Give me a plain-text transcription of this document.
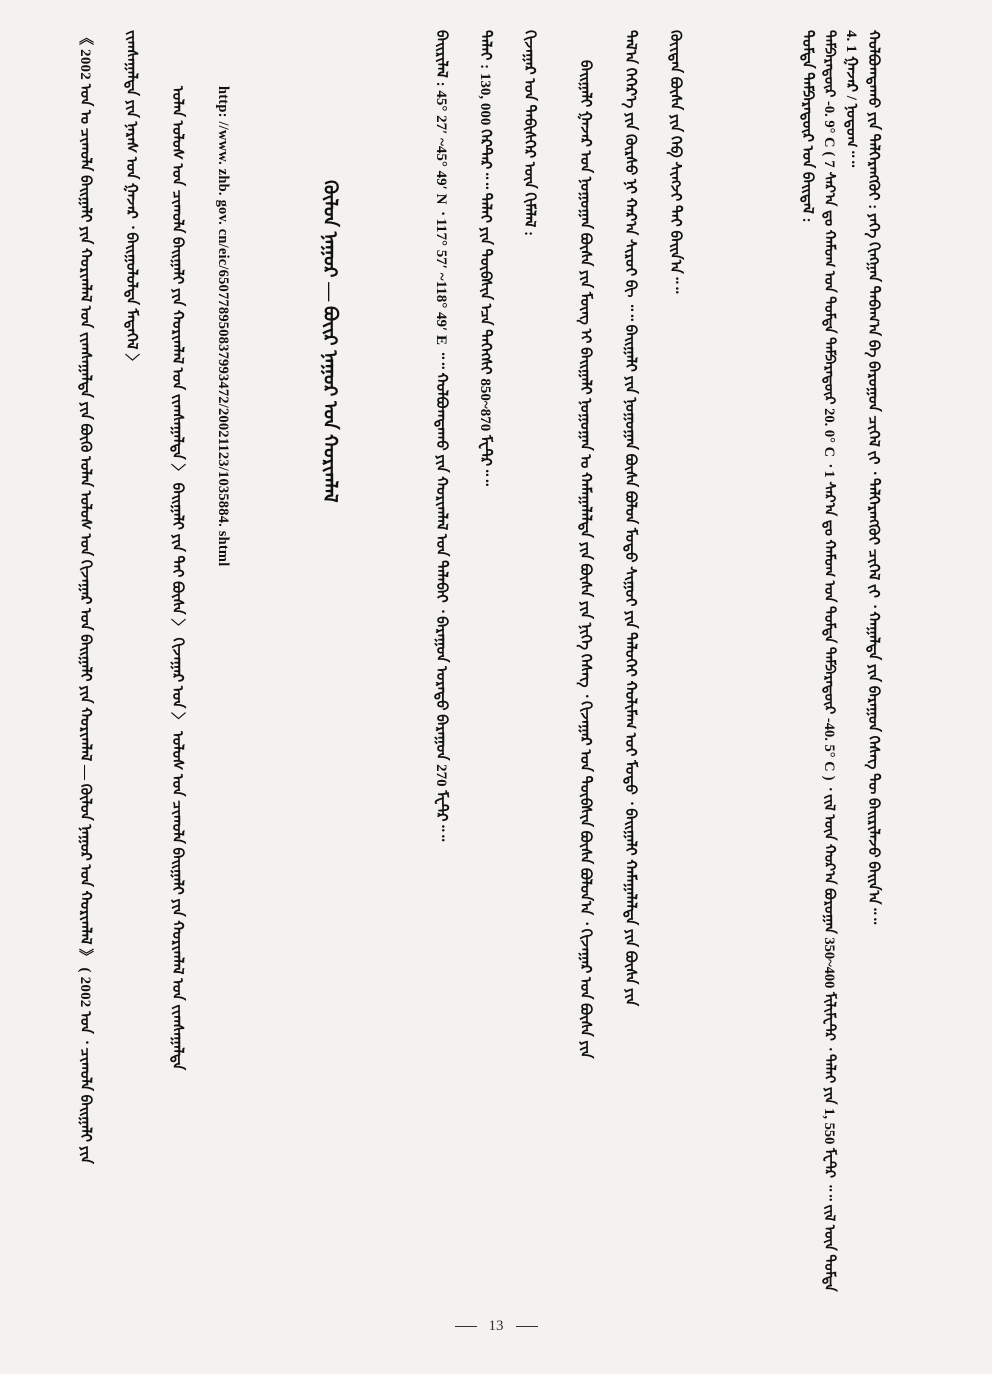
ᠬᠣᠯᠪᠣᠭᠳᠠᠬᠤ ᠶᠢᠨ ᠳᠡᠯᠭᠡᠷᠡᠩᠭᠦᠢ : ᠶᠡᠬᠡ ᠬᠢᠩᠭᠠᠨ ᠳᠠᠪᠠᠭ᠎ᠠ ᠪᠠ ᠪᠠᠷᠤᠭᠤᠨ ᠴᠢᠭᠡᠯ ᠵᠢ ᠂ ᠲᠡᠯᠭᠡᠷᠡᠩᠭᠦᠢ ᠴᠢᠭᠡᠯ ᠵᠢ ᠂ ᠬᠠᠭᠠᠯᠳᠠ ᠶᠢᠨ ᠪᠠᠷᠠᠭᠤᠨ ᠬᠡᠰᠡᠭ ᠲᠦ ᠪᠠᠢᠷᠢᠯᠠᠵᠤ ᠪᠠᠢᠨ᠎ᠠ᠃᠃
4. 1 ᠭᠠᠵᠠᠷ / ᠨᠤᠲᠤᠭ᠃᠃
ᠲᠡᠮᠫᠡᠷᠠᠲᠦ᠋ᠷ -0. 9° C ( 7 ᠰᠠᠷ᠎ᠠ ᠳᠤ ᠬᠠᠮᠤᠭ ᠤᠨ ᠳᠤᠮᠳᠠ ᠲᠡᠮᠫᠡᠷᠠᠲᠦ᠋ᠷ 20. 0° C ᠂ 1 ᠰᠠᠷ᠎ᠠ ᠳᠤ ᠬᠠᠮᠤᠭ ᠤᠨ ᠳᠤᠮᠳᠠ ᠲᠡᠮᠫᠡᠷᠠᠲᠦ᠋ᠷ -40. 5° C ) ᠂ ᠵᠢᠯ ᠦᠨ ᠬᠤᠷ᠎ᠠ ᠪᠤᠷᠤᠭᠠᠨ 350~400 ᠮᠢᠯᠢᠮᠧᠲ᠋ᠷ ᠂ ᠳᠠᠯᠠᠢ ᠶᠢᠨ 1, 550 ᠮᠧᠲ᠋ᠷ ᠃᠃ ᠵᠢᠯ ᠦᠨ ᠳᠤᠮᠳᠠ
ᠳᠤᠮᠳᠠ ᠲᠡᠮᠫᠡᠷᠠᠲᠦ᠋ᠷ ᠤᠨ ᠪᠠᠢᠳᠠᠯ :
ᠬᠦᠢᠲᠡᠨ ᠪᠦᠰᠡ ᠶᠢᠨ ᠬᠡᠪ ᠰᠢᠩᠵᠢ ᠲᠠᠢ ᠪᠠᠢᠨ᠎ᠠ᠃᠃
ᠲᠠᠯ᠎ᠠ ᠬᠡᠭᠡᠷ᠎ᠡ ᠶᠢᠨ ᠬᠦᠷᠰᠦ ᠨᠢ ᠬᠠᠷ᠎ᠠ ᠰᠢᠷᠤᠢ ᠪᠢ ᠃᠃ ᠪᠠᠢᠭᠠᠯᠢ ᠶᠢᠨ ᠨᠣᠭᠣᠭᠠᠨ ᠪᠦᠰᠡ ᠪᠣᠯᠤᠨ ᠮᠣᠳᠤ ᠰᠢᠭᠤᠢ ᠶᠢᠨ ᠲᠡᠯᠦᠭᠡᠢ ᠬᠣᠯᠢᠮᠠᠭ ᠣᠢ ᠮᠣᠳᠤ ᠂ ᠪᠠᠢᠭᠠᠯᠢ ᠬᠠᠮᠠᠭᠠᠯᠠᠯᠲᠠ ᠶᠢᠨ ᠪᠦᠰᠡ ᠶᠢᠨ
ᠪᠠᠢᠭᠠᠯᠢ ᠭᠠᠵᠠᠷ ᠤᠨ ᠨᠣᠭᠣᠭᠠᠨ ᠪᠦᠰᠡ ᠶᠢᠨ ᠮᠥᠩ ᠢ ᠪᠠᠢᠭᠠᠯᠢ ᠨᠣᠭᠣᠭᠠᠨ ᠤ ᠬᠠᠮᠠᠭᠠᠯᠠᠯᠲᠠ ᠶᠢᠨ ᠪᠦᠰᠡ ᠶᠢᠨ ᠨᠢᠭᠡ ᠬᠡᠰᠡᠭ ᠂ ᠬᠢᠵᠠᠭᠠᠷ ᠤᠨ ᠲᠦᠪᠰᠢᠨ ᠪᠦᠰᠡ ᠪᠣᠯᠤᠨ᠎ᠠ ᠂ ᠬᠢᠵᠠᠭᠠᠷ ᠤᠨ ᠪᠦᠰᠡ ᠶᠢᠨ
ᠬᠢᠵᠠᠭᠠᠷ ᠤᠨ ᠳᠡᠪᠢᠰᠬᠡᠷ ᠦᠨ ᠬᠢᠮᠠᠯᠠᠯ :
ᠳᠠᠯᠠᠢ : 130, 000 ᠭᠡᠺᠲ᠋ᠠᠷ᠃᠃ ᠳᠠᠯᠠᠢ ᠶᠢᠨ ᠲᠦᠪᠰᠢᠨ ᠡᠴᠡ ᠳᠡᠭᠡᠭᠰᠢ 850~870 ᠮᠧᠲ᠋ᠷ᠃᠃
ᠪᠠᠢᠷᠢᠯᠠᠯ : 45° 27′ ~45° 49′ N ᠂ 117° 57′ ~118° 49′ E ᠃᠃ ᠬᠣᠯᠪᠣᠭᠳᠠᠬᠤ ᠶᠢᠨ ᠬᠣᠷᠢᠭᠯᠠᠯ ᠤᠨ ᠲᠠᠯᠠᠪᠠᠢ ᠂ ᠪᠠᠷᠠᠭᠤᠨ ᠤᠷᠠᠳᠤ ᠪᠠᠷᠠᠭᠤᠨ 270 ᠮᠧᠲ᠋ᠷ᠃᠃
ᠬᠦᠯᠦᠨ ᠨᠠᠭᠤᠷ — ᠪᠦᠢᠷ ᠨᠠᠭᠤᠷ ᠤᠨ ᠬᠣᠷᠢᠭᠯᠠᠯ
http: //www. zhb. gov. cn/eic/650778950837993472/20021123/1035884. shtml
ᠣᠯᠠᠨ ᠤᠯᠤᠰ ᠤᠨ ᠴᠢᠬᠤᠯᠠ ᠪᠠᠢᠭᠠᠯᠢ ᠶᠢᠨ ᠬᠣᠷᠢᠭᠯᠠᠯ ᠤᠨ ᠵᠢᠭᠰᠠᠭᠠᠯᠲᠠ 〉 ᠪᠠᠢᠭᠠᠯᠢ ᠶᠢᠨ ᠲᠠᠢ ᠪᠦᠰᠡ 〉 ᠬᠢᠵᠠᠭᠠᠷ ᠤᠨ 〉 ᠤᠯᠤᠰ ᠤᠨ ᠴᠢᠬᠤᠯᠠ ᠪᠠᠢᠭᠠᠯᠢ ᠶᠢᠨ ᠬᠣᠷᠢᠭᠯᠠᠯ ᠤᠨ ᠵᠢᠭᠰᠠᠭᠠᠯᠲᠠ
ᠵᠢᠭᠰᠠᠭᠠᠯᠲᠠ ᠶᠢᠨ ᠨᠡᠷᠡᠰ ᠤᠨ ᠭᠠᠵᠠᠷ ᠂ ᠪᠠᠢᠭᠤᠯᠤᠯᠲᠠ ᠮᠡᠳᠡᠭᠡᠯ 〉
《 2002 ᠣᠨ ᠤ ᠴᠢᠬᠤᠯᠠ ᠪᠠᠢᠭᠠᠯᠢ ᠶᠢᠨ ᠬᠣᠷᠢᠭᠯᠠᠯ ᠤᠨ ᠵᠢᠭᠰᠠᠭᠠᠯᠲᠠ ᠶᠢᠨ ᠪᠦᠬᠦ ᠣᠯᠠᠨ ᠤᠯᠤᠰ ᠤᠨ ᠬᠢᠵᠠᠭᠠᠷ ᠤᠨ ᠪᠠᠢᠭᠠᠯᠢ ᠶᠢᠨ ᠬᠣᠷᠢᠭᠯᠠᠯ — ᠬᠦᠯᠦᠨ ᠨᠠᠭᠤᠷ ᠤᠨ ᠬᠣᠷᠢᠭᠯᠠᠯ 》 ( 2002 ᠣᠨ ᠂ ᠴᠢᠬᠤᠯᠠ ᠪᠠᠢᠭᠠᠯᠢ ᠶᠢᠨ
13
